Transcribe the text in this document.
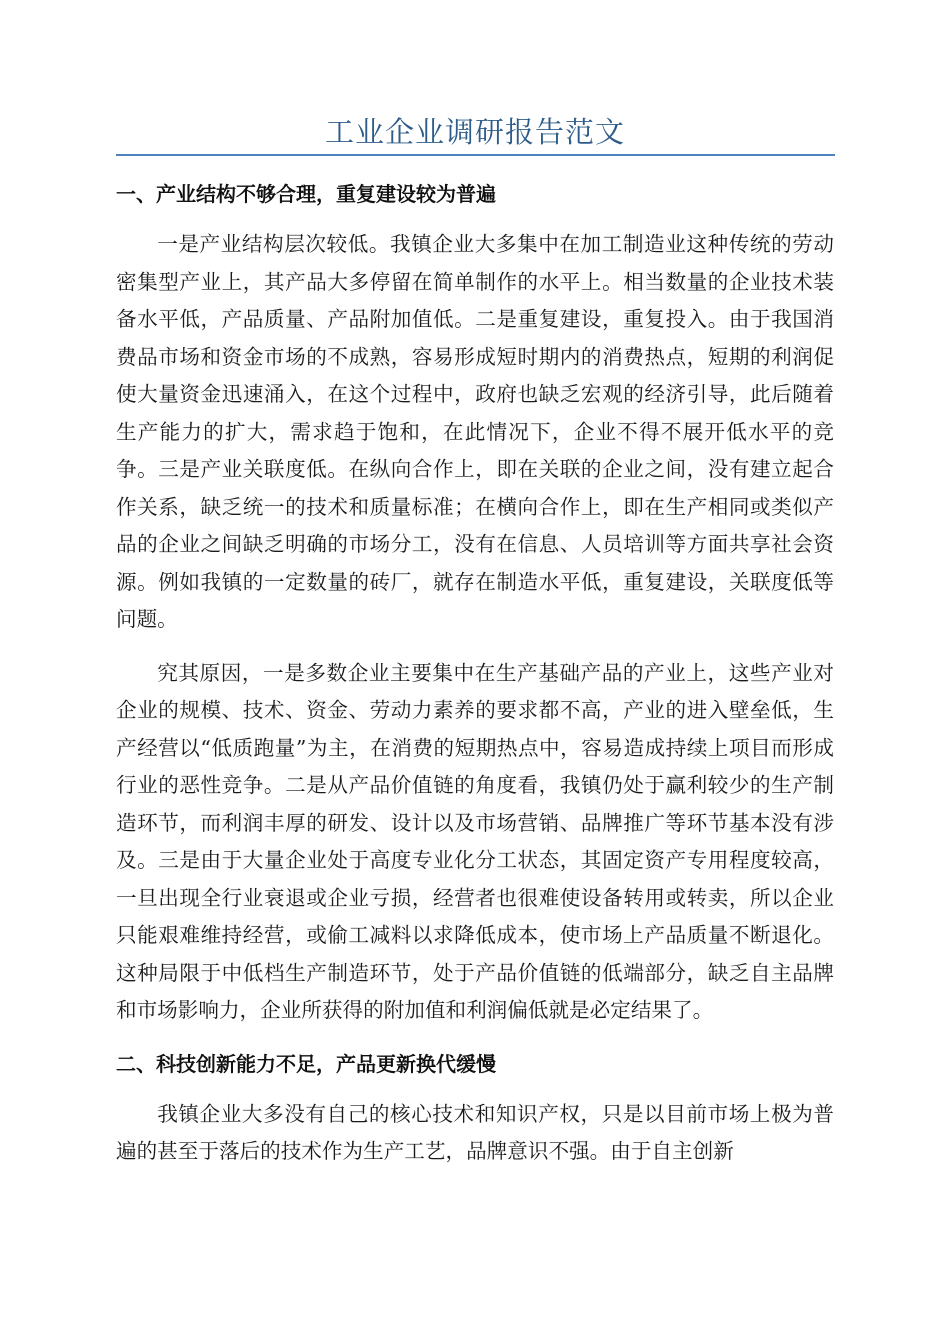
工业企业调研报告范文
一、产业结构不够合理，重复建设较为普遍

一是产业结构层次较低。我镇企业大多集中在加工制造业这种传统的劳动密集型产业上，其产品大多停留在简单制作的水平上。相当数量的企业技术装备水平低，产品质量、产品附加值低。二是重复建设，重复投入。由于我国消费品市场和资金市场的不成熟，容易形成短时期内的消费热点，短期的利润促使大量资金迅速涌入，在这个过程中，政府也缺乏宏观的经济引导，此后随着生产能力的扩大，需求趋于饱和，在此情况下，企业不得不展开低水平的竞争。三是产业关联度低。在纵向合作上，即在关联的企业之间，没有建立起合作关系，缺乏统一的技术和质量标准；在横向合作上，即在生产相同或类似产品的企业之间缺乏明确的市场分工，没有在信息、人员培训等方面共享社会资源。例如我镇的一定数量的砖厂，就存在制造水平低，重复建设，关联度低等问题。

究其原因，一是多数企业主要集中在生产基础产品的产业上，这些产业对企业的规模、技术、资金、劳动力素养的要求都不高，产业的进入壁垒低，生产经营以“低质跑量”为主，在消费的短期热点中，容易造成持续上项目而形成行业的恶性竞争。二是从产品价值链的角度看，我镇仍处于赢利较少的生产制造环节，而利润丰厚的研发、设计以及市场营销、品牌推广等环节基本没有涉及。三是由于大量企业处于高度专业化分工状态，其固定资产专用程度较高，一旦出现全行业衰退或企业亏损，经营者也很难使设备转用或转卖，所以企业只能艰难维持经营，或偷工减料以求降低成本，使市场上产品质量不断退化。这种局限于中低档生产制造环节，处于产品价值链的低端部分，缺乏自主品牌和市场影响力，企业所获得的附加值和利润偏低就是必定结果了。

二、科技创新能力不足，产品更新换代缓慢

我镇企业大多没有自己的核心技术和知识产权，只是以目前市场上极为普遍的甚至于落后的技术作为生产工艺，品牌意识不强。由于自主创新
